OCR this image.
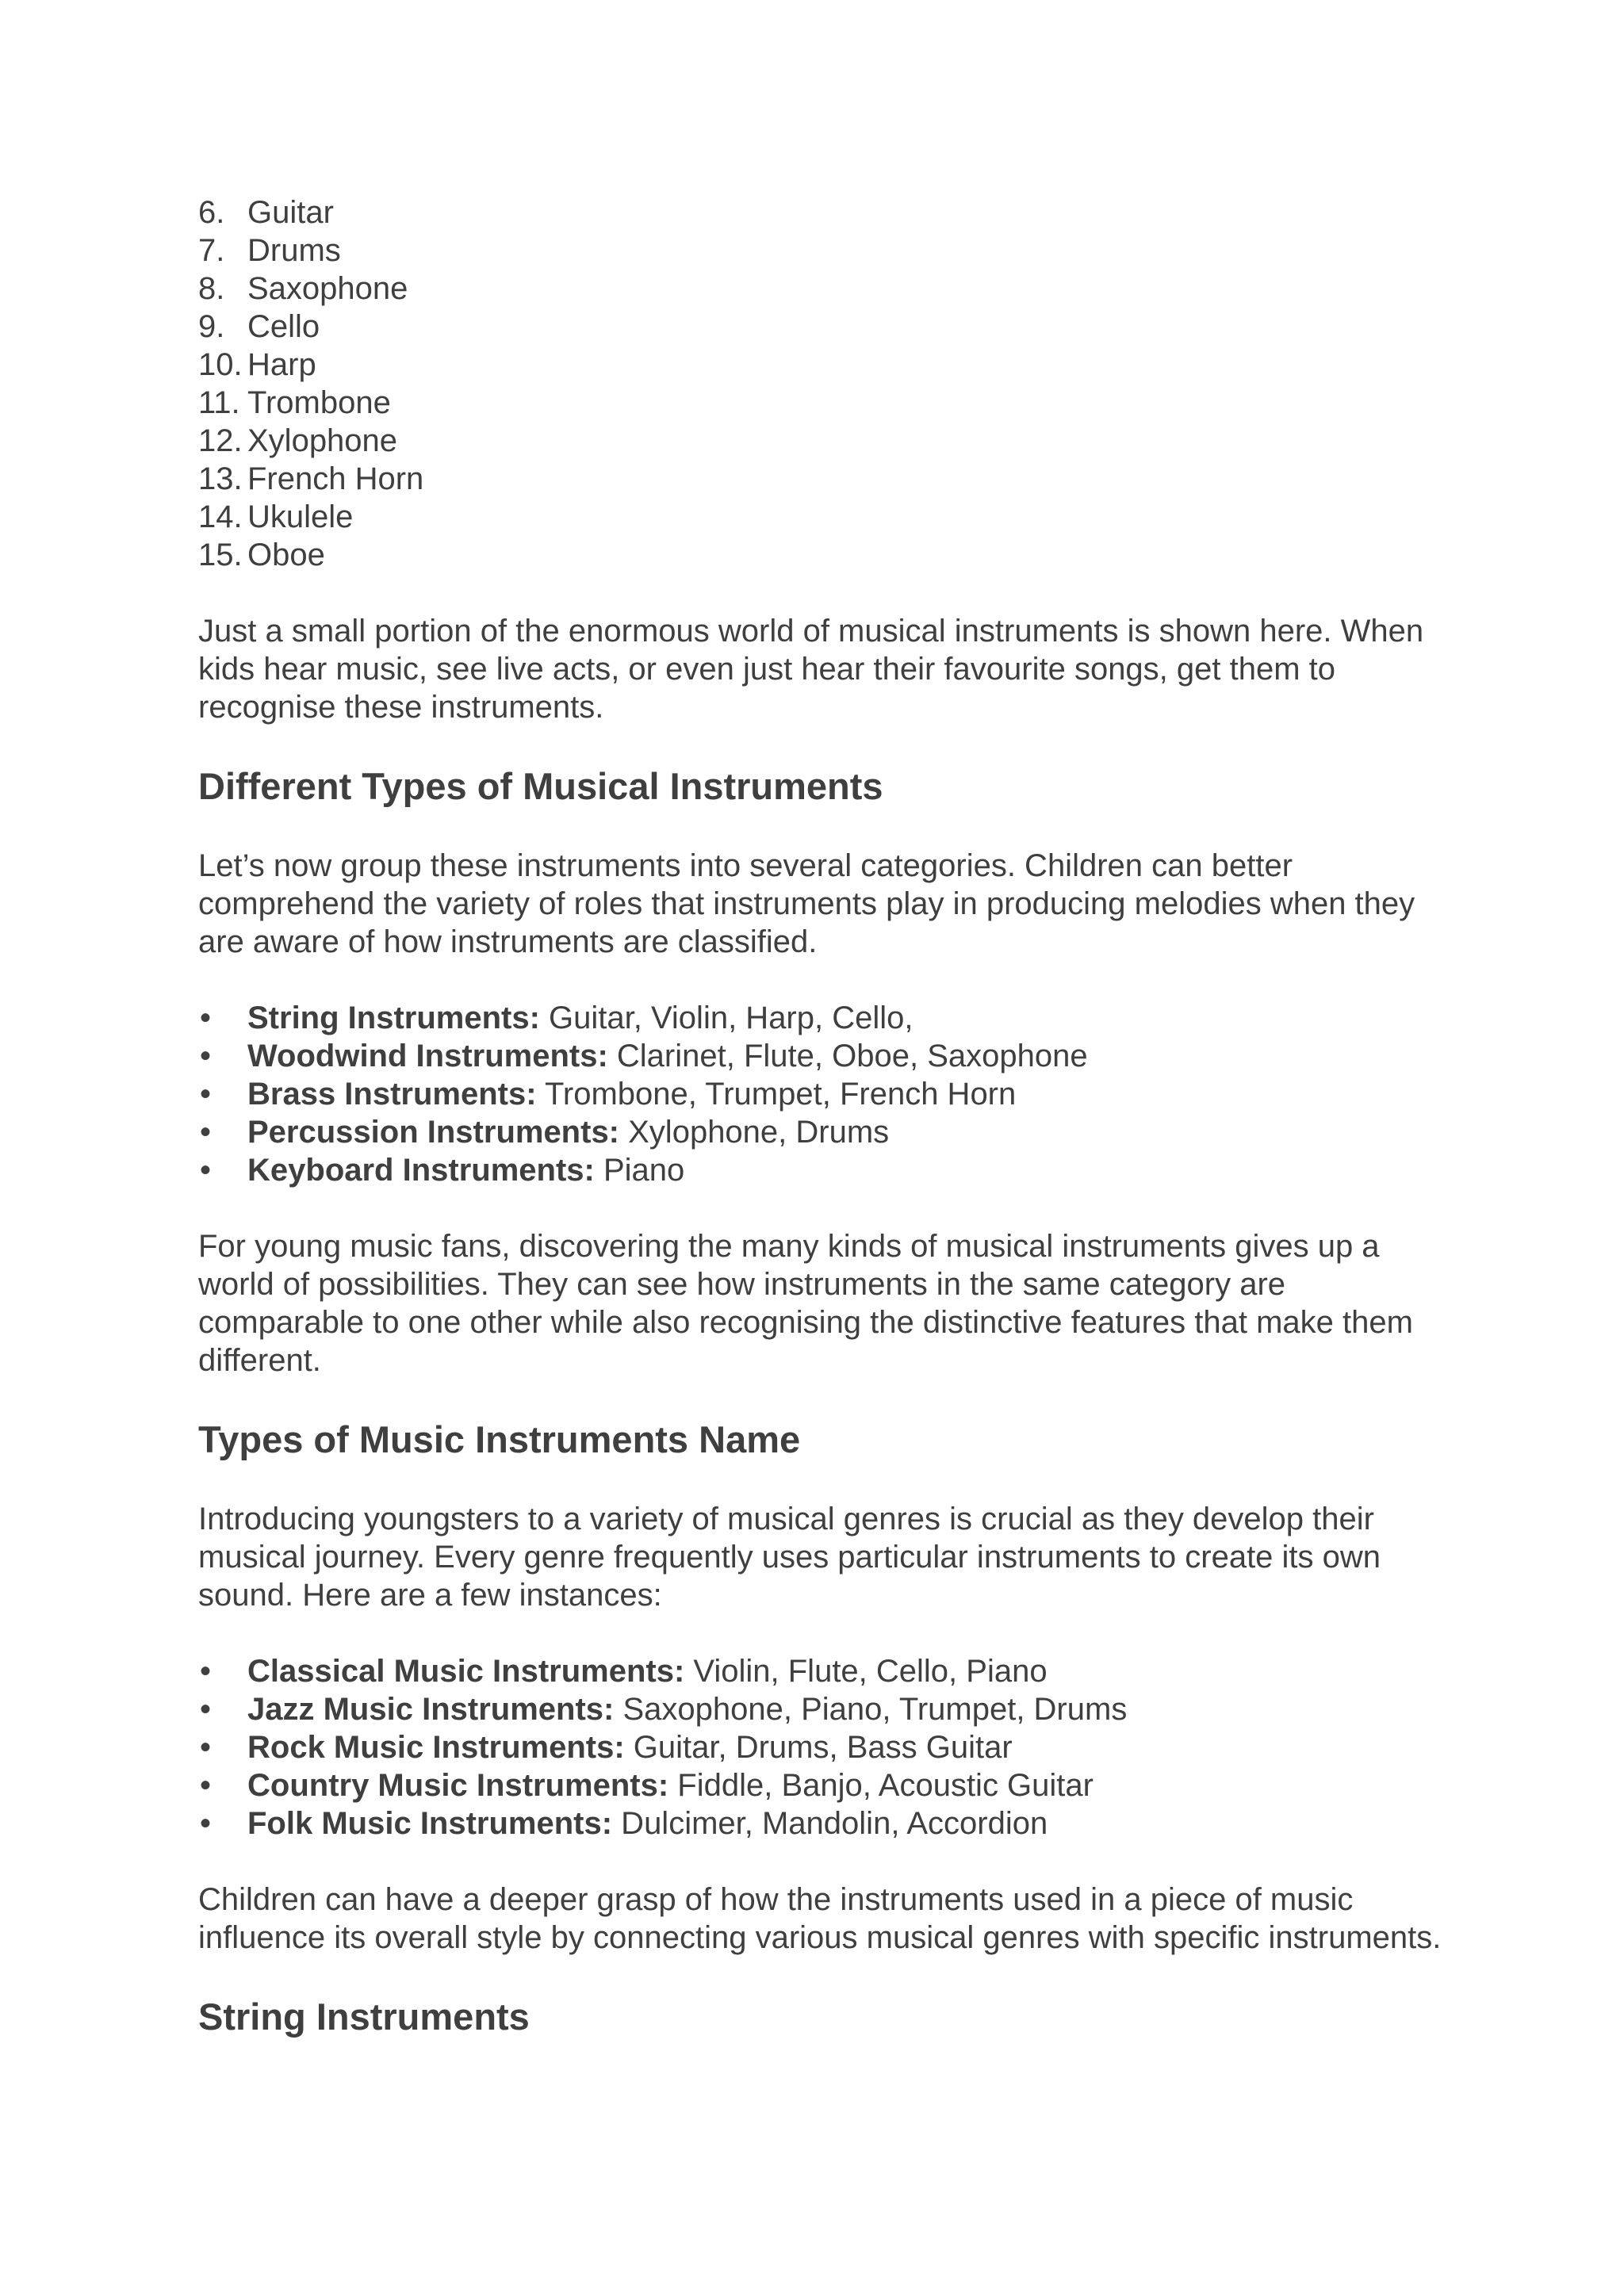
6. Guitar
7. Drums
8. Saxophone
9. Cello
10. Harp
11. Trombone
12. Xylophone
13. French Horn
14. Ukulele
15. Oboe

Just a small portion of the enormous world of musical instruments is shown here. When kids hear music, see live acts, or even just hear their favourite songs, get them to recognise these instruments.

Different Types of Musical Instruments

Let’s now group these instruments into several categories. Children can better comprehend the variety of roles that instruments play in producing melodies when they are aware of how instruments are classified.

•	String Instruments: Guitar, Violin, Harp, Cello,
•	Woodwind Instruments: Clarinet, Flute, Oboe, Saxophone
•	Brass Instruments: Trombone, Trumpet, French Horn
•	Percussion Instruments: Xylophone, Drums
•	Keyboard Instruments: Piano

For young music fans, discovering the many kinds of musical instruments gives up a world of possibilities. They can see how instruments in the same category are comparable to one other while also recognising the distinctive features that make them different.

Types of Music Instruments Name

Introducing youngsters to a variety of musical genres is crucial as they develop their musical journey. Every genre frequently uses particular instruments to create its own sound. Here are a few instances:

•	Classical Music Instruments: Violin, Flute, Cello, Piano
•	Jazz Music Instruments: Saxophone, Piano, Trumpet, Drums
•	Rock Music Instruments: Guitar, Drums, Bass Guitar
•	Country Music Instruments: Fiddle, Banjo, Acoustic Guitar
•	Folk Music Instruments: Dulcimer, Mandolin, Accordion

Children can have a deeper grasp of how the instruments used in a piece of music influence its overall style by connecting various musical genres with specific instruments.

String Instruments
